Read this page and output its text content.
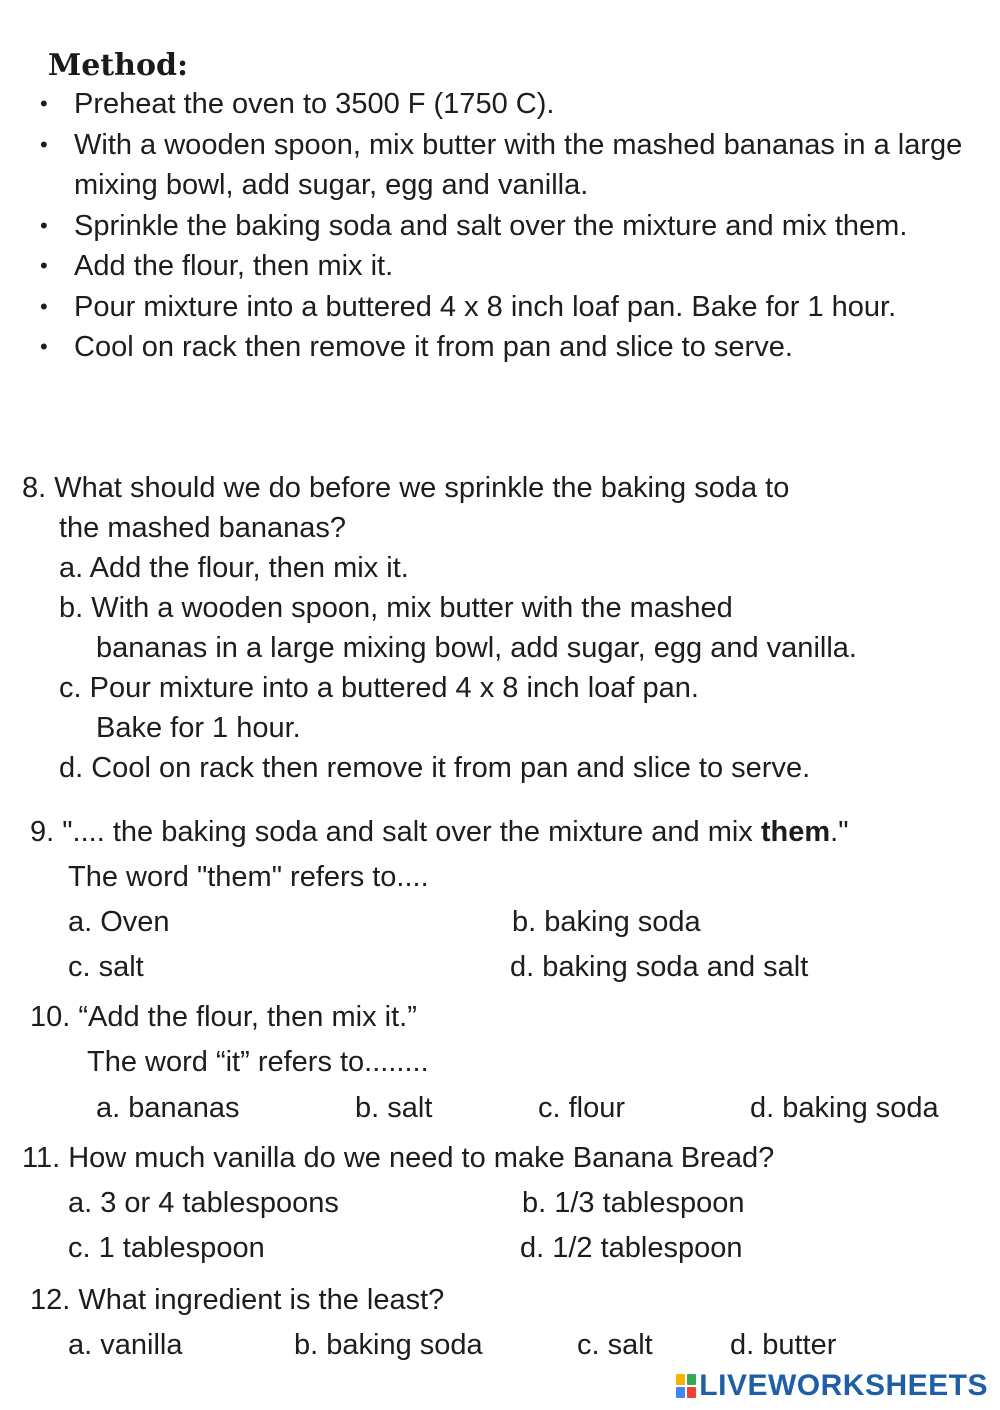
Method:
• Preheat the oven to 3500 F (1750 C).
• With a wooden spoon, mix butter with the mashed bananas in a large mixing bowl, add sugar, egg and vanilla.
• Sprinkle the baking soda and salt over the mixture and mix them.
• Add the flour, then mix it.
• Pour mixture into a buttered 4 x 8 inch loaf pan. Bake for 1 hour.
• Cool on rack then remove it from pan and slice to serve.
8. What should we do before we sprinkle the baking soda to
the mashed bananas?
a. Add the flour, then mix it.
b. With a wooden spoon, mix butter with the mashed
bananas in a large mixing bowl, add sugar, egg and vanilla.
c. Pour mixture into a buttered 4 x 8 inch loaf pan.
Bake for 1 hour.
d. Cool on rack then remove it from pan and slice to serve.
9. ".... the baking soda and salt over the mixture and mix them."
The word "them" refers to....
a. Oven	b. baking soda
c. salt	d. baking soda and salt
10. “Add the flour, then mix it.”
The word “it” refers to........
a. bananas	b. salt	c. flour	d. baking soda
11. How much vanilla do we need to make Banana Bread?
a. 3 or 4 tablespoons	b. 1/3 tablespoon
c. 1 tablespoon	d. 1/2 tablespoon
12. What ingredient is the least?
a. vanilla	b. baking soda	c. salt	d. butter
LIVEWORKSHEETS
